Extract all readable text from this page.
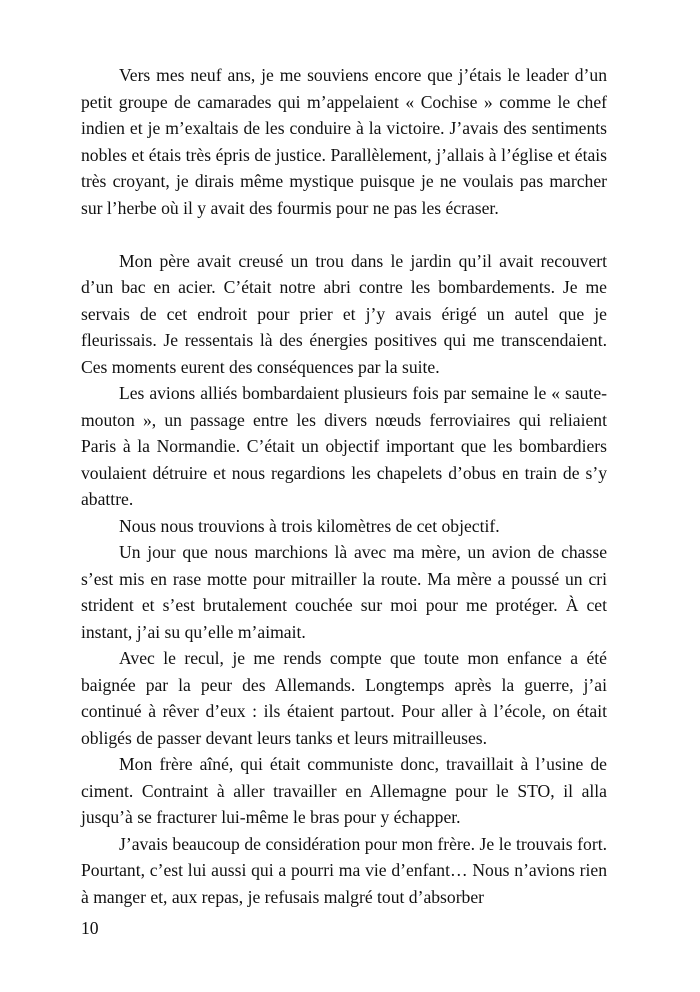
Vers mes neuf ans, je me souviens encore que j’étais le leader d’un petit groupe de camarades qui m’appelaient « Cochise » comme le chef indien et je m’exaltais de les conduire à la victoire. J’avais des sentiments nobles et étais très épris de justice. Parallèlement, j’allais à l’église et étais très croyant, je dirais même mystique puisque je ne voulais pas marcher sur l’herbe où il y avait des fourmis pour ne pas les écraser.

Mon père avait creusé un trou dans le jardin qu’il avait recouvert d’un bac en acier. C’était notre abri contre les bombardements. Je me servais de cet endroit pour prier et j’y avais érigé un autel que je fleurissais. Je ressentais là des énergies positives qui me transcendaient. Ces moments eurent des conséquences par la suite.

Les avions alliés bombardaient plusieurs fois par semaine le « saute-mouton », un passage entre les divers nœuds ferroviaires qui reliaient Paris à la Normandie. C’était un objectif important que les bombardiers voulaient détruire et nous regardions les chapelets d’obus en train de s’y abattre.

Nous nous trouvions à trois kilomètres de cet objectif.

Un jour que nous marchions là avec ma mère, un avion de chasse s’est mis en rase motte pour mitrailler la route. Ma mère a poussé un cri strident et s’est brutalement couchée sur moi pour me protéger. À cet instant, j’ai su qu’elle m’aimait.

Avec le recul, je me rends compte que toute mon enfance a été baignée par la peur des Allemands. Longtemps après la guerre, j’ai continué à rêver d’eux : ils étaient partout. Pour aller à l’école, on était obligés de passer devant leurs tanks et leurs mitrailleuses.

Mon frère aîné, qui était communiste donc, travaillait à l’usine de ciment. Contraint à aller travailler en Allemagne pour le STO, il alla jusqu’à se fracturer lui-même le bras pour y échapper.

J’avais beaucoup de considération pour mon frère. Je le trouvais fort. Pourtant, c’est lui aussi qui a pourri ma vie d’enfant… Nous n’avions rien à manger et, aux repas, je refusais malgré tout d’absorber

10
